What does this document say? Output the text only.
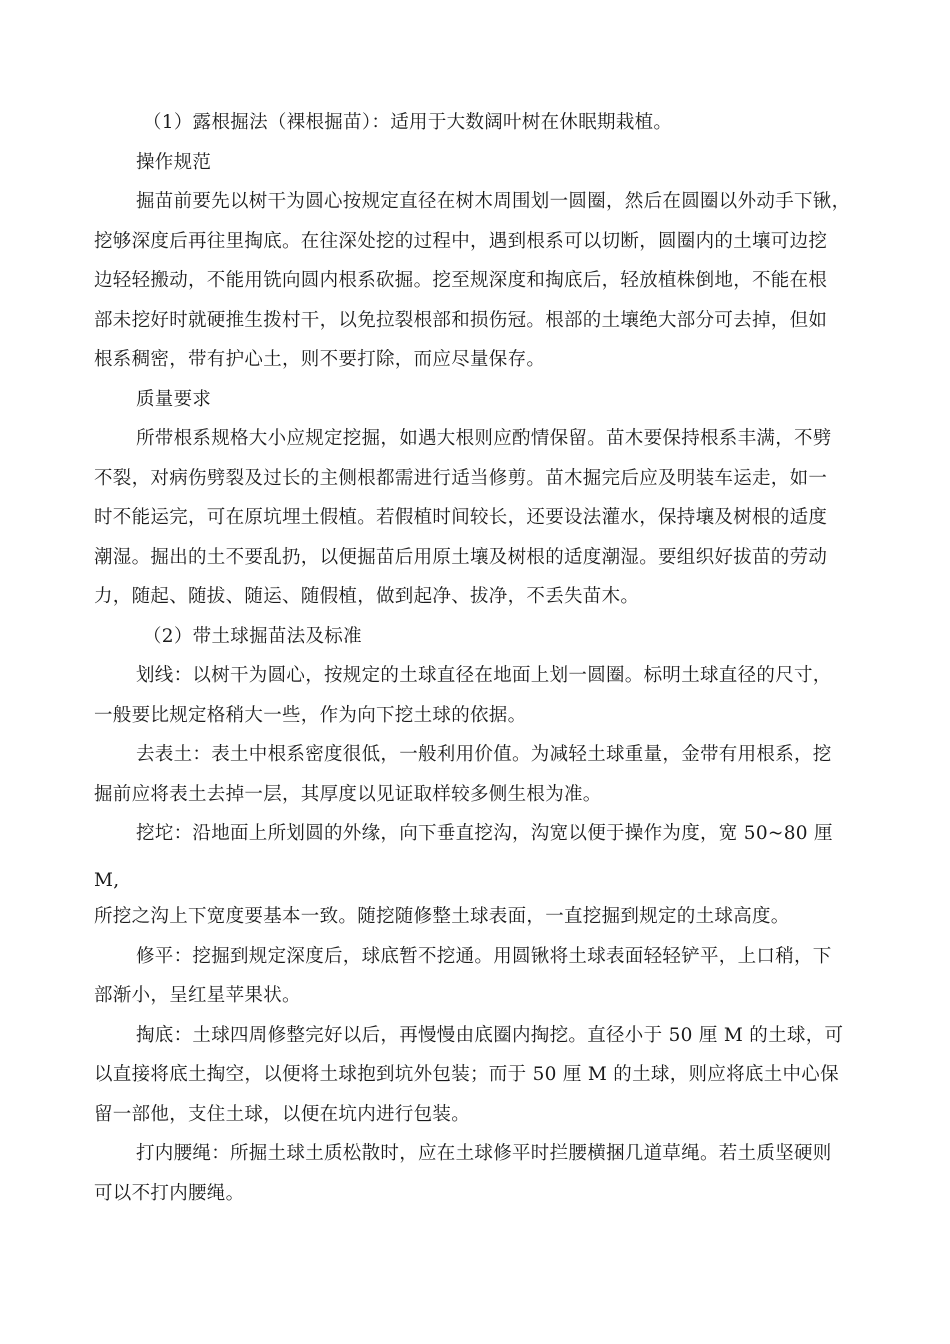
（1）露根掘法（裸根掘苗）：适用于大数阔叶树在休眠期栽植。

操作规范

掘苗前要先以树干为圆心按规定直径在树木周围划一圆圈，然后在圆圈以外动手下锹，

挖够深度后再往里掏底。在往深处挖的过程中，遇到根系可以切断，圆圈内的土壤可边挖

边轻轻搬动，不能用铣向圆内根系砍掘。挖至规深度和掏底后，轻放植株倒地，不能在根

部未挖好时就硬推生拨村干，以免拉裂根部和损伤冠。根部的土壤绝大部分可去掉，但如

根系稠密，带有护心土，则不要打除，而应尽量保存。

质量要求

所带根系规格大小应规定挖掘，如遇大根则应酌情保留。苗木要保持根系丰满，不劈

不裂，对病伤劈裂及过长的主侧根都需进行适当修剪。苗木掘完后应及明装车运走，如一

时不能运完，可在原坑埋土假植。若假植时间较长，还要设法灌水，保持壤及树根的适度

潮湿。掘出的土不要乱扔，以便掘苗后用原土壤及树根的适度潮湿。要组织好拔苗的劳动

力，随起、随拔、随运、随假植，做到起净、拔净，不丢失苗木。

（2）带土球掘苗法及标准

划线：以树干为圆心，按规定的土球直径在地面上划一圆圈。标明土球直径的尺寸，

一般要比规定格稍大一些，作为向下挖土球的依据。

去表土：表土中根系密度很低，一般利用价值。为减轻土球重量，金带有用根系，挖

掘前应将表土去掉一层，其厚度以见证取样较多侧生根为准。

挖坨：沿地面上所划圆的外缘，向下垂直挖沟，沟宽以便于操作为度，宽 50~80 厘

M,

所挖之沟上下宽度要基本一致。随挖随修整土球表面，一直挖掘到规定的土球高度。

修平：挖掘到规定深度后，球底暂不挖通。用圆锹将土球表面轻轻铲平，上口稍，下

部渐小，呈红星苹果状。

掏底：土球四周修整完好以后，再慢慢由底圈内掏挖。直径小于 50 厘 M 的土球，可

以直接将底土掏空，以便将土球抱到坑外包装；而于 50 厘 M 的土球，则应将底土中心保

留一部他，支住土球，以便在坑内进行包装。

打内腰绳：所掘土球土质松散时，应在土球修平时拦腰横捆几道草绳。若土质坚硬则

可以不打内腰绳。
